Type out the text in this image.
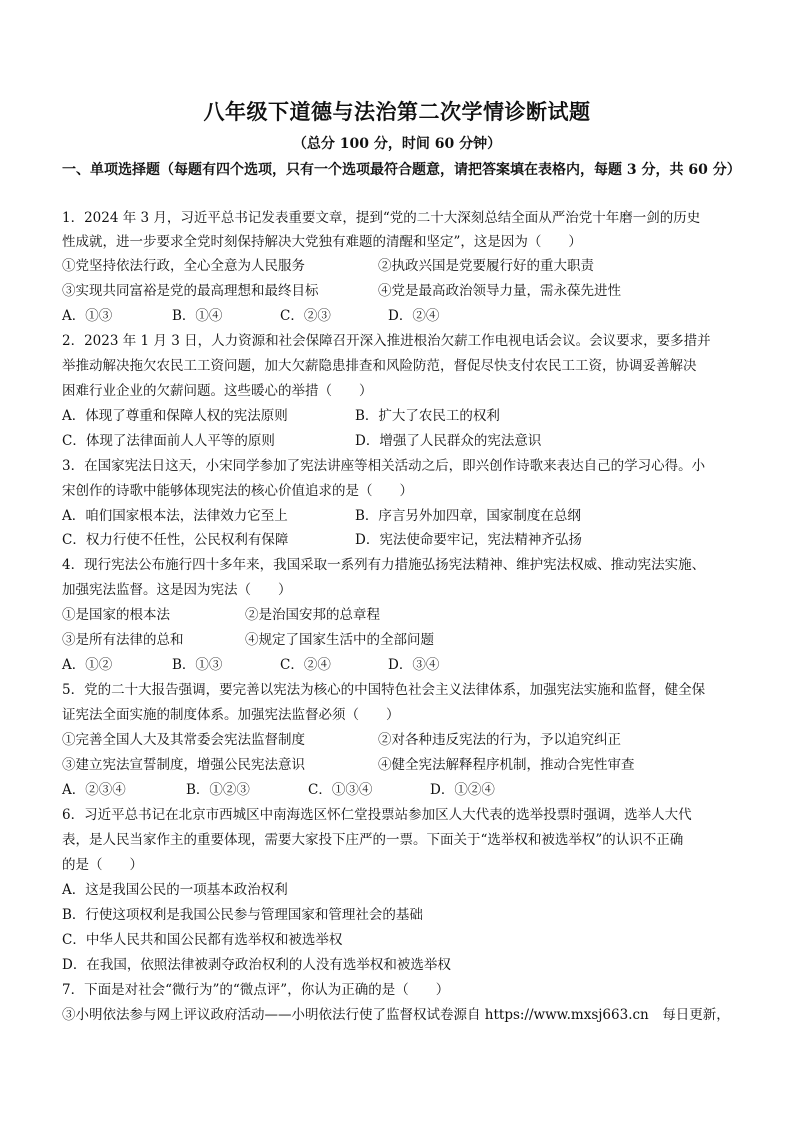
八年级下道德与法治第二次学情诊断试题
（总分 100 分，时间 60 分钟）
一、单项选择题（每题有四个选项，只有一个选项最符合题意，请把答案填在表格内，每题 3 分，共 60 分）
1．2024 年 3 月，习近平总书记发表重要文章，提到“党的二十大深刻总结全面从严治党十年磨一剑的历史
性成就，进一步要求全党时刻保持解决大党独有难题的清醒和坚定”，这是因为（　　）
①党坚持依法行政，全心全意为人民服务	②执政兴国是党要履行好的重大职责
③实现共同富裕是党的最高理想和最终目标	④党是最高政治领导力量，需永葆先进性
A．①③	B．①④	C．②③	D．②④
2．2023 年 1 月 3 日，人力资源和社会保障召开深入推进根治欠薪工作电视电话会议。会议要求，要多措并
举推动解决拖欠农民工工资问题，加大欠薪隐患排查和风险防范，督促尽快支付农民工工资，协调妥善解决
困难行业企业的欠薪问题。这些暖心的举措（　　）
A．体现了尊重和保障人权的宪法原则	B．扩大了农民工的权利
C．体现了法律面前人人平等的原则	D．增强了人民群众的宪法意识
3．在国家宪法日这天，小宋同学参加了宪法讲座等相关活动之后，即兴创作诗歌来表达自己的学习心得。小
宋创作的诗歌中能够体现宪法的核心价值追求的是（　　）
A．咱们国家根本法，法律效力它至上	B．序言另外加四章，国家制度在总纲
C．权力行使不任性，公民权利有保障	D．宪法使命要牢记，宪法精神齐弘扬
4．现行宪法公布施行四十多年来，我国采取一系列有力措施弘扬宪法精神、维护宪法权威、推动宪法实施、
加强宪法监督。这是因为宪法（　　）
①是国家的根本法	②是治国安邦的总章程
③是所有法律的总和	④规定了国家生活中的全部问题
A．①②	B．①③	C．②④	D．③④
5．党的二十大报告强调，要完善以宪法为核心的中国特色社会主义法律体系，加强宪法实施和监督，健全保
证宪法全面实施的制度体系。加强宪法监督必须（　　）
①完善全国人大及其常委会宪法监督制度	②对各种违反宪法的行为，予以追究纠正
③建立宪法宣誓制度，增强公民宪法意识	④健全宪法解释程序机制，推动合宪性审查
A．②③④	B．①②③	C．①③④	D．①②④
6．习近平总书记在北京市西城区中南海选区怀仁堂投票站参加区人大代表的选举投票时强调，选举人大代
表，是人民当家作主的重要体现，需要大家投下庄严的一票。下面关于“选举权和被选举权”的认识不正确
的是（　　）
A．这是我国公民的一项基本政治权利
B．行使这项权利是我国公民参与管理国家和管理社会的基础
C．中华人民共和国公民都有选举权和被选举权
D．在我国，依照法律被剥夺政治权利的人没有选举权和被选举权
7．下面是对社会“微行为”的“微点评”，你认为正确的是（　　）
③小明依法参与网上评议政府活动——小明依法行使了监督权试卷源自 https://www.mxsj663.cn　每日更新，
